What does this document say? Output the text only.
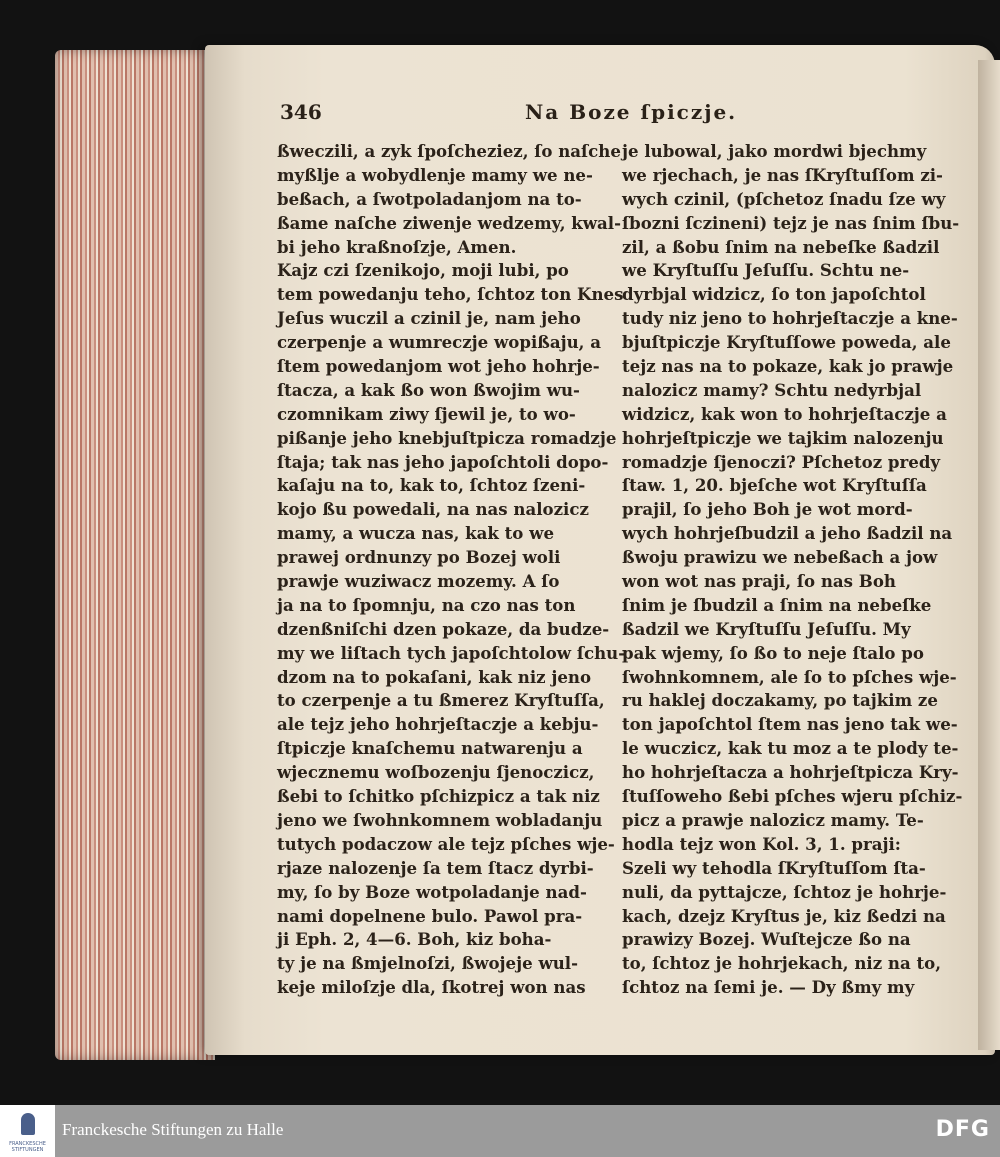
346	Na Boze ſpiczje.
ßweczili, a zyk ſpoſcheziez, ſo naſche
myßlje a wobydlenje mamy we ne-
beßach, a ſwotpoladanjom na to-
ßame naſche ziwenje wedzemy, kwal-
bi jeho kraßnoſzje, Amen.
Kajz czi ſzenikojo, moji lubi, po
tem powedanju teho, ſchtoz ton Knes
Jeſus wuczil a czinil je, nam jeho
czerpenje a wumreczje wopißaju, a
ſtem powedanjom wot jeho hohrje-
ſtacza, a kak ßo won ßwojim wu-
czomnikam ziwy ſjewil je, to wo-
pißanje jeho knebjuſtpicza romadzje
ſtaja; tak nas jeho japoſchtoli dopo-
kaſaju na to, kak to, ſchtoz ſzeni-
kojo ßu powedali, na nas nalozicz
mamy, a wucza nas, kak to we
prawej ordnunzy po Bozej woli
prawje wuziwacz mozemy. A ſo
ja na to ſpomnju, na czo nas ton
dzenßniſchi dzen pokaze, da budze-
my we liſtach tych japoſchtolow ſchu-
dzom na to pokaſani, kak niz jeno
to czerpenje a tu ßmerez Kryſtuſſa,
ale tejz jeho hohrjeſtaczje a kebju-
ſtpiczje knaſchemu natwarenju a
wjecznemu woſbozenju ſjenoczicz,
ßebi to ſchitko pſchizpicz a tak niz
jeno we ſwohnkomnem wobladanju
tutych podaczow ale tejz pſches wje-
rjaze nalozenje ſa tem ſtacz dyrbi-
my, ſo by Boze wotpoladanje nad-
nami dopelnene bulo. Pawol pra-
ji Eph. 2, 4—6. Boh, kiz boha-
ty je na ßmjelnoſzi, ßwojeje wul-
keje miloſzje dla, ſkotrej won nas
je lubowal, jako mordwi bjechmy
we rjechach, je nas ſKryſtuſſom zi-
wych czinil, (pſchetoz ſnadu ſze wy
ſbozni ſczineni) tejz je nas ſnim ſbu-
zil, a ßobu ſnim na nebeſke ßadzil
we Kryſtuſſu Jeſuſſu. Schtu ne-
dyrbjal widzicz, ſo ton japoſchtol
tudy niz jeno to hohrjeſtaczje a kne-
bjuſtpiczje Kryſtuſſowe poweda, ale
tejz nas na to pokaze, kak jo prawje
nalozicz mamy? Schtu nedyrbjal
widzicz, kak won to hohrjeſtaczje a
hohrjeſtpiczje we tajkim nalozenju
romadzje ſjenoczi? Pſchetoz predy
ſtaw. 1, 20. bjeſche wot Kryſtuſſa
prajil, ſo jeho Boh je wot mord-
wych hohrjeſbudzil a jeho ßadzil na
ßwoju prawizu we nebeßach a jow
won wot nas praji, ſo nas Boh
ſnim je ſbudzil a ſnim na nebeſke
ßadzil we Kryſtuſſu Jeſuſſu. My
pak wjemy, ſo ßo to neje ſtalo po
ſwohnkomnem, ale ſo to pſches wje-
ru haklej doczakamy, po tajkim ze
ton japoſchtol ſtem nas jeno tak we-
le wuczicz, kak tu moz a te plody te-
ho hohrjeſtacza a hohrjeſtpicza Kry-
ſtuſſoweho ßebi pſches wjeru pſchiz-
picz a prawje nalozicz mamy. Te-
hodla tejz won Kol. 3, 1. praji:
Szeli wy tehodla ſKryſtuſſom ſta-
nuli, da pyttajcze, ſchtoz je hohrje-
kach, dzejz Kryſtus je, kiz ßedzi na
prawizy Bozej. Wuſtejcze ßo na
to, ſchtoz je hohrjekach, niz na to,
ſchtoz na ſemi je. — Dy ßmy my
FRANCKESCHE STIFTUNGEN
Franckesche Stiftungen zu Halle	DFG
